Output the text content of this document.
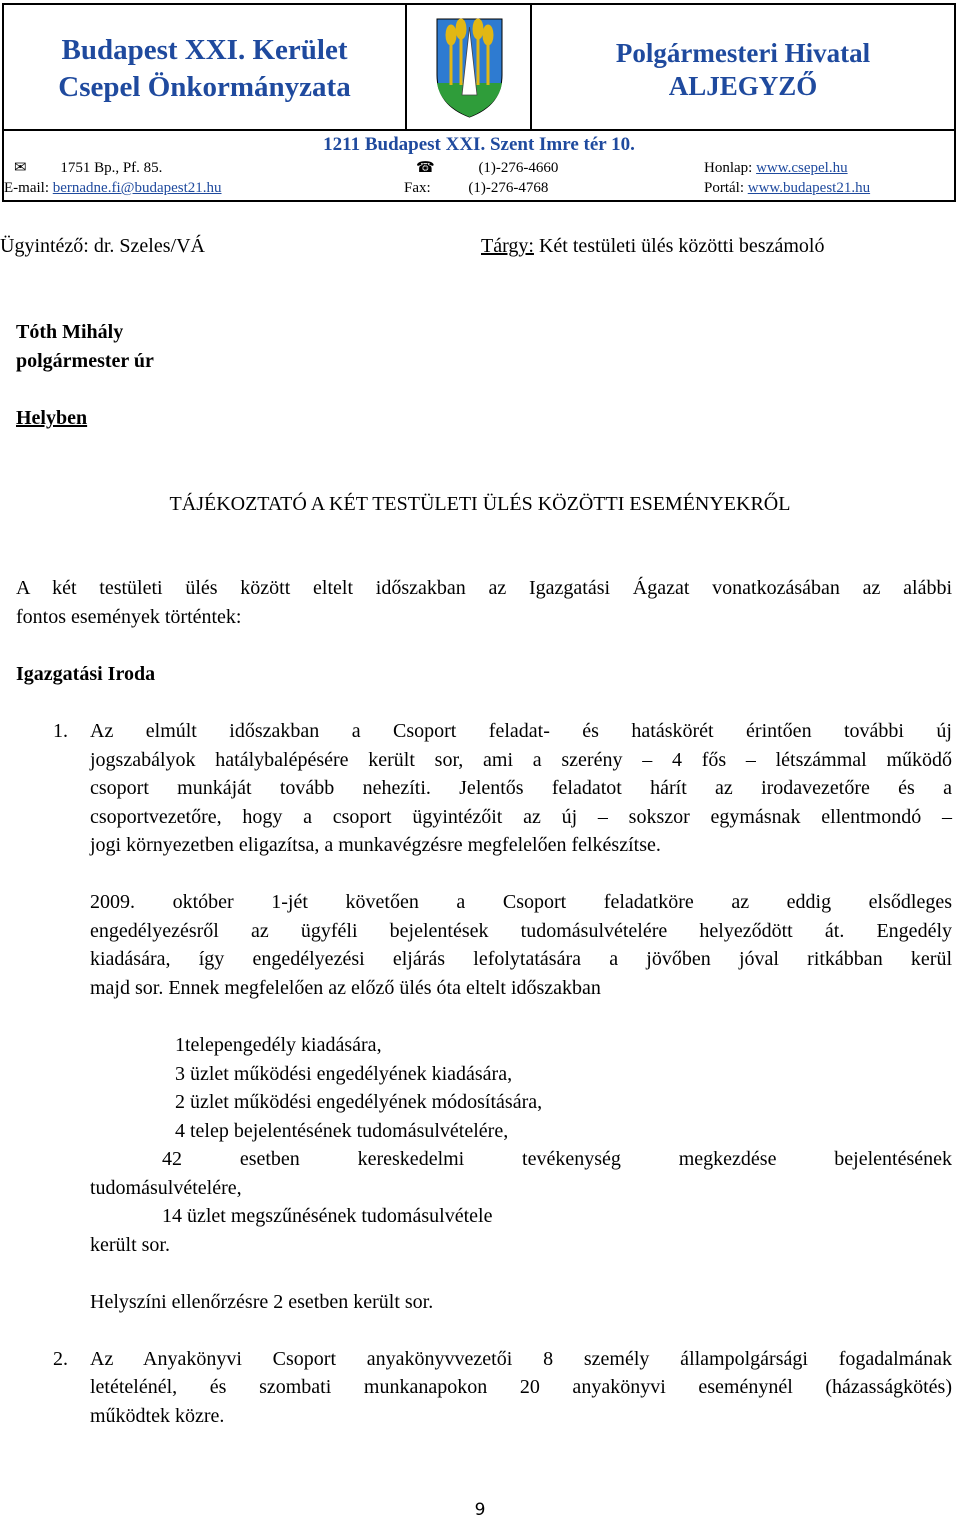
Budapest XXI. Kerület
Csepel Önkormányzata
Polgármesteri Hivatal
ALJEGYZŐ
1211 Budapest XXI. Szent Imre tér 10.
✉ 1751 Bp., Pf. 85.	☎	(1)-276-4660	Honlap: www.csepel.hu
E-mail: bernadne.fi@budapest21.hu	Fax:	(1)-276-4768	Portál: www.budapest21.hu
Ügyintéző: dr. Szeles/VÁ	Tárgy: Két testületi ülés közötti beszámoló
Tóth Mihály
polgármester úr
Helyben
TÁJÉKOZTATÓ A KÉT TESTÜLETI ÜLÉS KÖZÖTTI ESEMÉNYEKRŐL
A két testületi ülés között eltelt időszakban az Igazgatási Ágazat vonatkozásában az alábbi
fontos események történtek:
Igazgatási Iroda
1. Az elmúlt időszakban a Csoport feladat- és hatáskörét érintően további új
jogszabályok hatálybalépésére került sor, ami a szerény – 4 fős – létszámmal működő
csoport munkáját tovább nehezíti. Jelentős feladatot hárít az irodavezetőre és a
csoportvezetőre, hogy a csoport ügyintézőit az új – sokszor egymásnak ellentmondó –
jogi környezetben eligazítsa, a munkavégzésre megfelelően felkészítse.
2009. október 1-jét követően a Csoport feladatköre az eddig elsődleges
engedélyezésről az ügyféli bejelentések tudomásulvételére helyeződött át. Engedély
kiadására, így engedélyezési eljárás lefolytatására a jövőben jóval ritkábban kerül
majd sor. Ennek megfelelően az előző ülés óta eltelt időszakban
1telepengedély kiadására,
3 üzlet működési engedélyének kiadására,
2 üzlet működési engedélyének módosítására,
4 telep bejelentésének tudomásulvételére,
42 esetben kereskedelmi tevékenység megkezdése bejelentésének
tudomásulvételére,
14 üzlet megszűnésének tudomásulvétele
került sor.
Helyszíni ellenőrzésre 2 esetben került sor.
2. Az Anyakönyvi Csoport anyakönyvvezetői 8 személy állampolgársági fogadalmának
letételénél, és szombati munkanapokon 20 anyakönyvi eseménynél (házasságkötés)
működtek közre.
9
